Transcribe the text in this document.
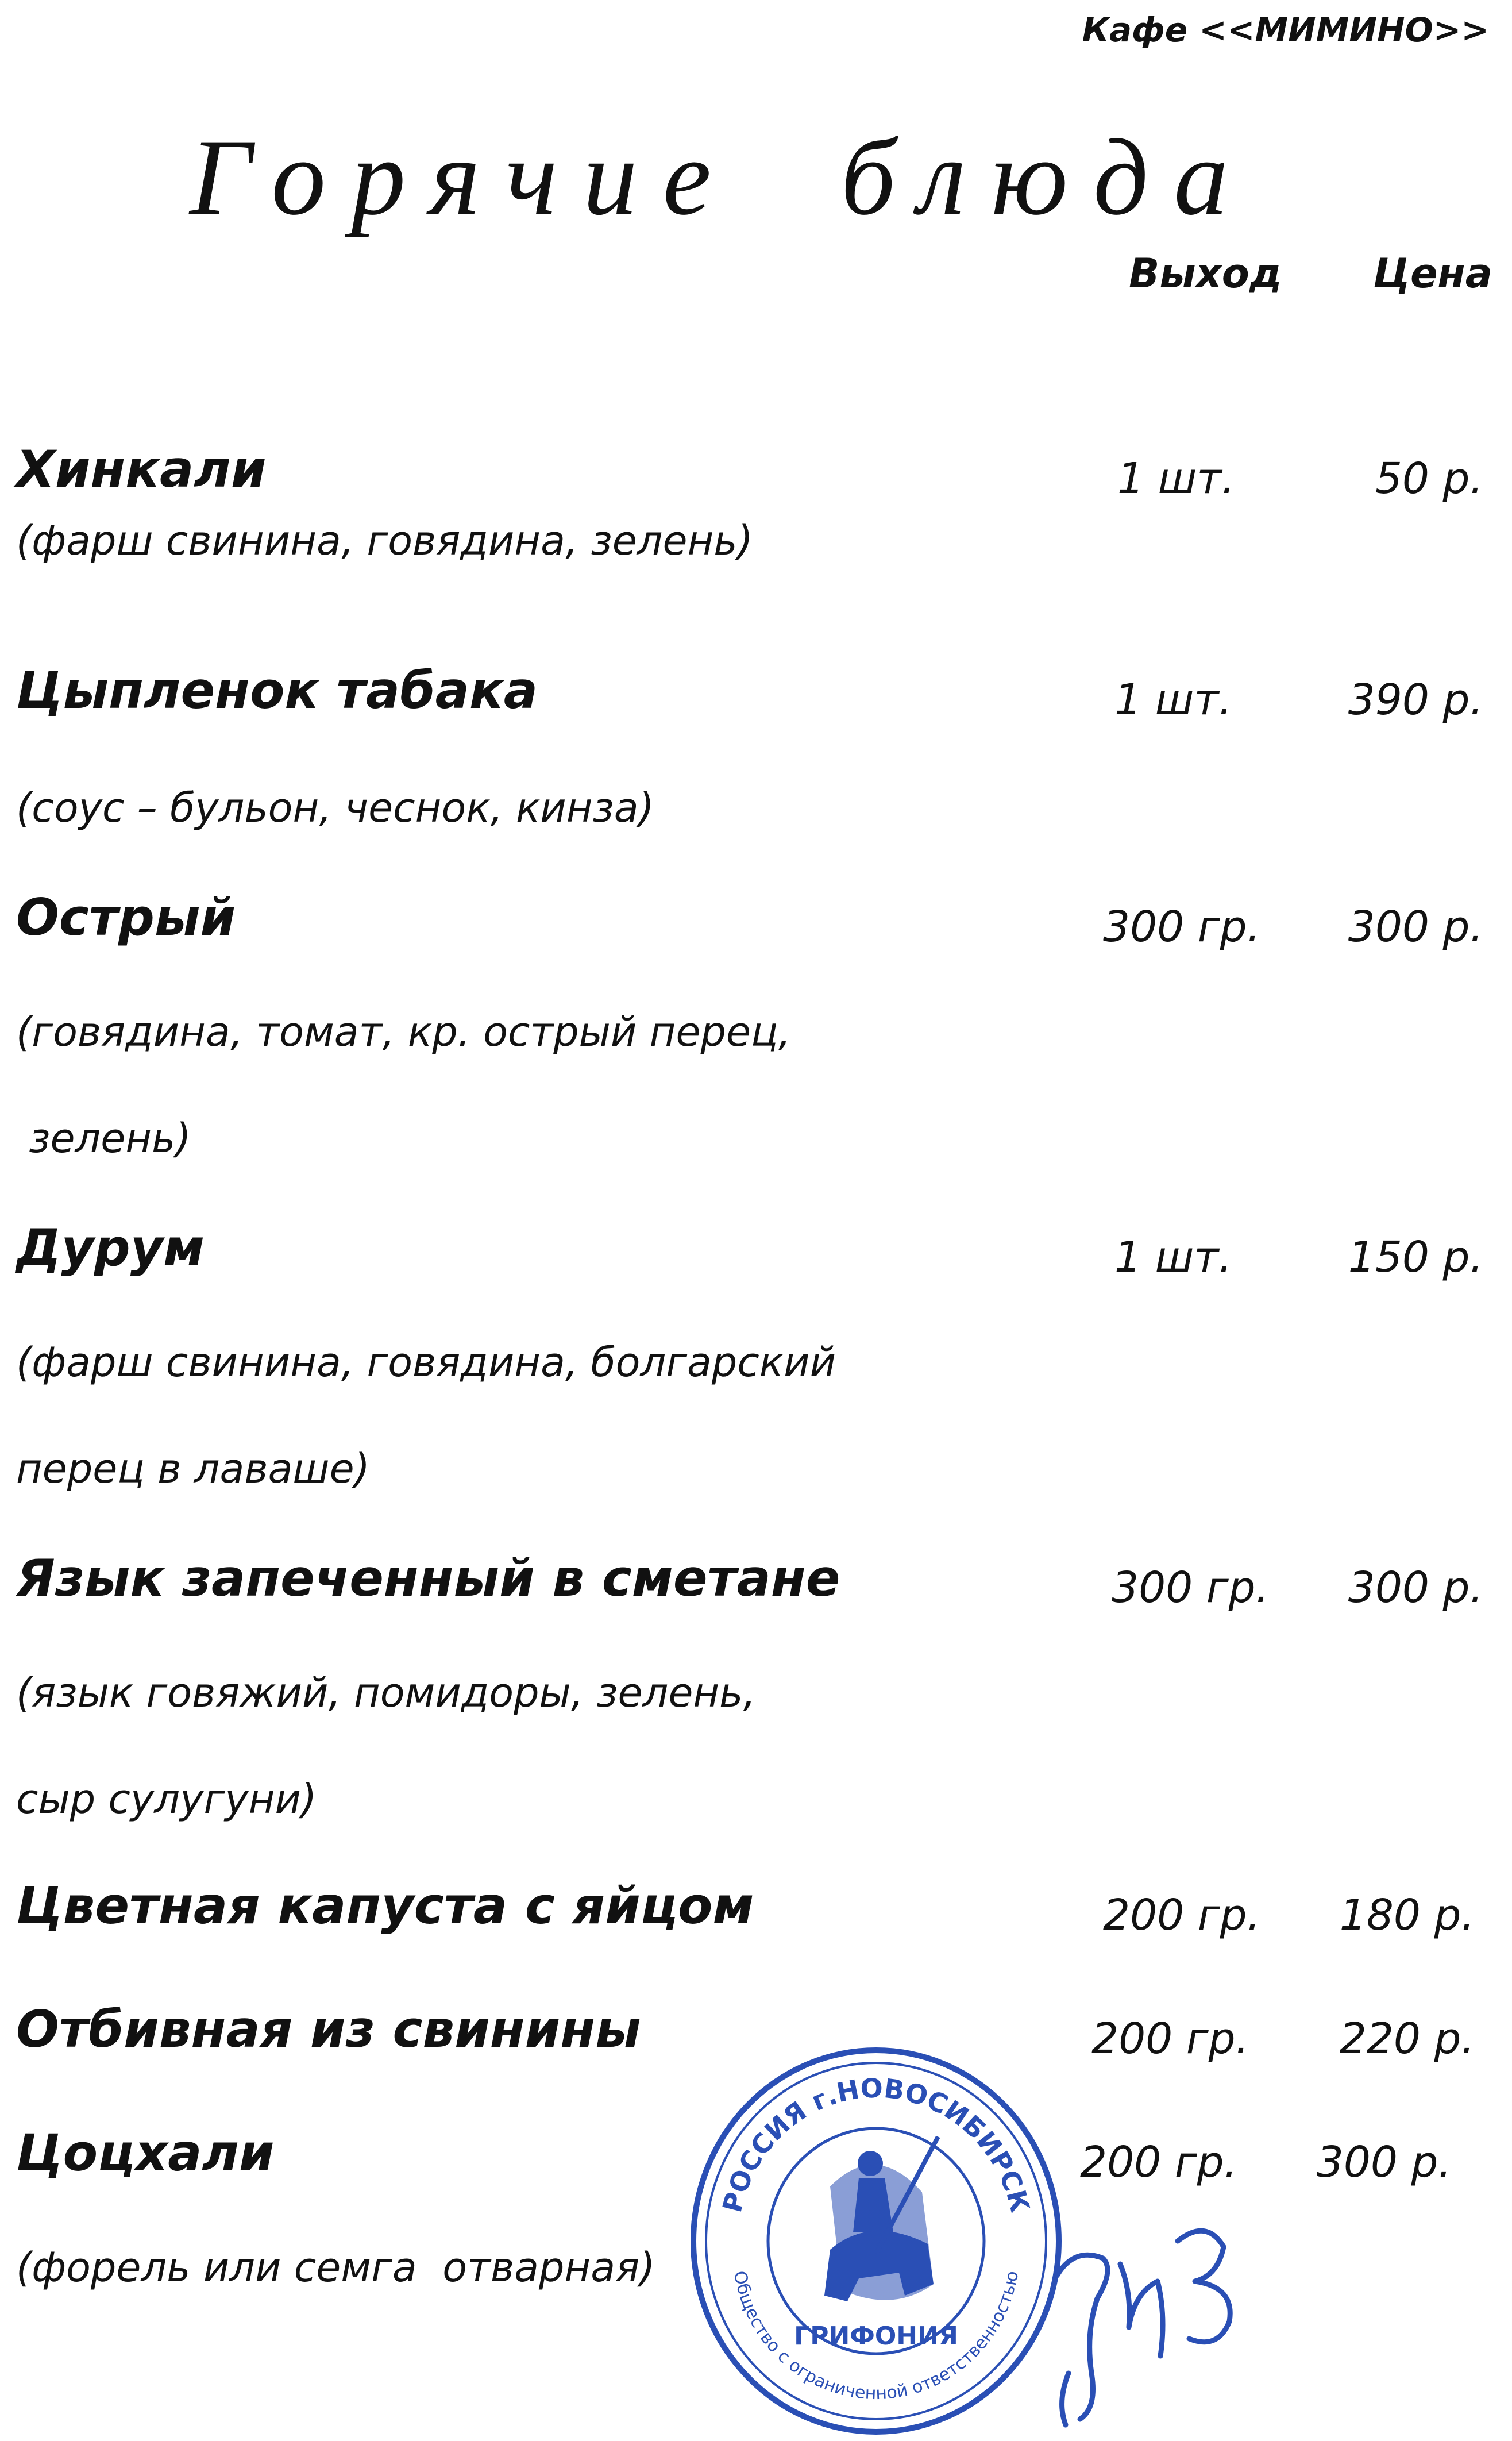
Кафе <<МИМИНО>>
Горячие блюда
Выход Цена
Хинкали	1 шт.	50 р.
(фарш свинина, говядина, зелень)
Цыпленок табака	1 шт.	390 р.
(соус – бульон, чеснок, кинза)
Острый	300 гр. 300 р.
(говядина, томат, кр. острый перец,
зелень)
Дурум	1 шт.	150 р.
(фарш свинина, говядина, болгарский
перец в лаваше)
Язык запеченный в сметане	300 гр. 300 р.
(язык говяжий, помидоры, зелень,
сыр сулугуни)
Цветная капуста с яйцом	200 гр. 180 р.
Отбивная из свинины	200 гр. 220 р.
Цоцхали	200 гр. 300 р.
(форель или семга  отварная)
РОССИЯ г.НОВОСИБИРСК
Общество с ограниченной ответственностью
ГРИФОНИЯ
